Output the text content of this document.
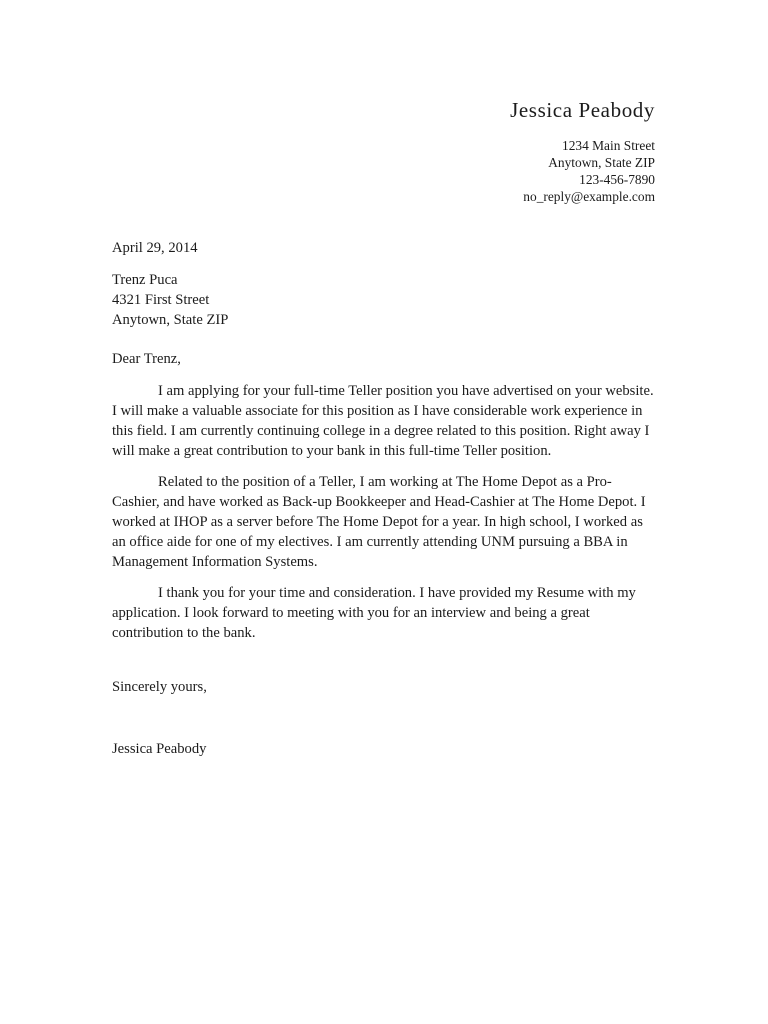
Jessica Peabody
1234 Main Street
Anytown, State ZIP
123-456-7890
no_reply@example.com
April 29, 2014
Trenz Puca
4321 First Street
Anytown, State ZIP
Dear Trenz,

I am applying for your full-time Teller position you have advertised on your website. I will make a valuable associate for this position as I have considerable work experience in this field. I am currently continuing college in a degree related to this position. Right away I will make a great contribution to your bank in this full-time Teller position.

Related to the position of a Teller, I am working at The Home Depot as a Pro-Cashier, and have worked as Back-up Bookkeeper and Head-Cashier at The Home Depot. I worked at IHOP as a server before The Home Depot for a year. In high school, I worked as an office aide for one of my electives. I am currently attending UNM pursuing a BBA in Management Information Systems.

I thank you for your time and consideration. I have provided my Resume with my application. I look forward to meeting with you for an interview and being a great contribution to the bank.

Sincerely yours,
Jessica Peabody
